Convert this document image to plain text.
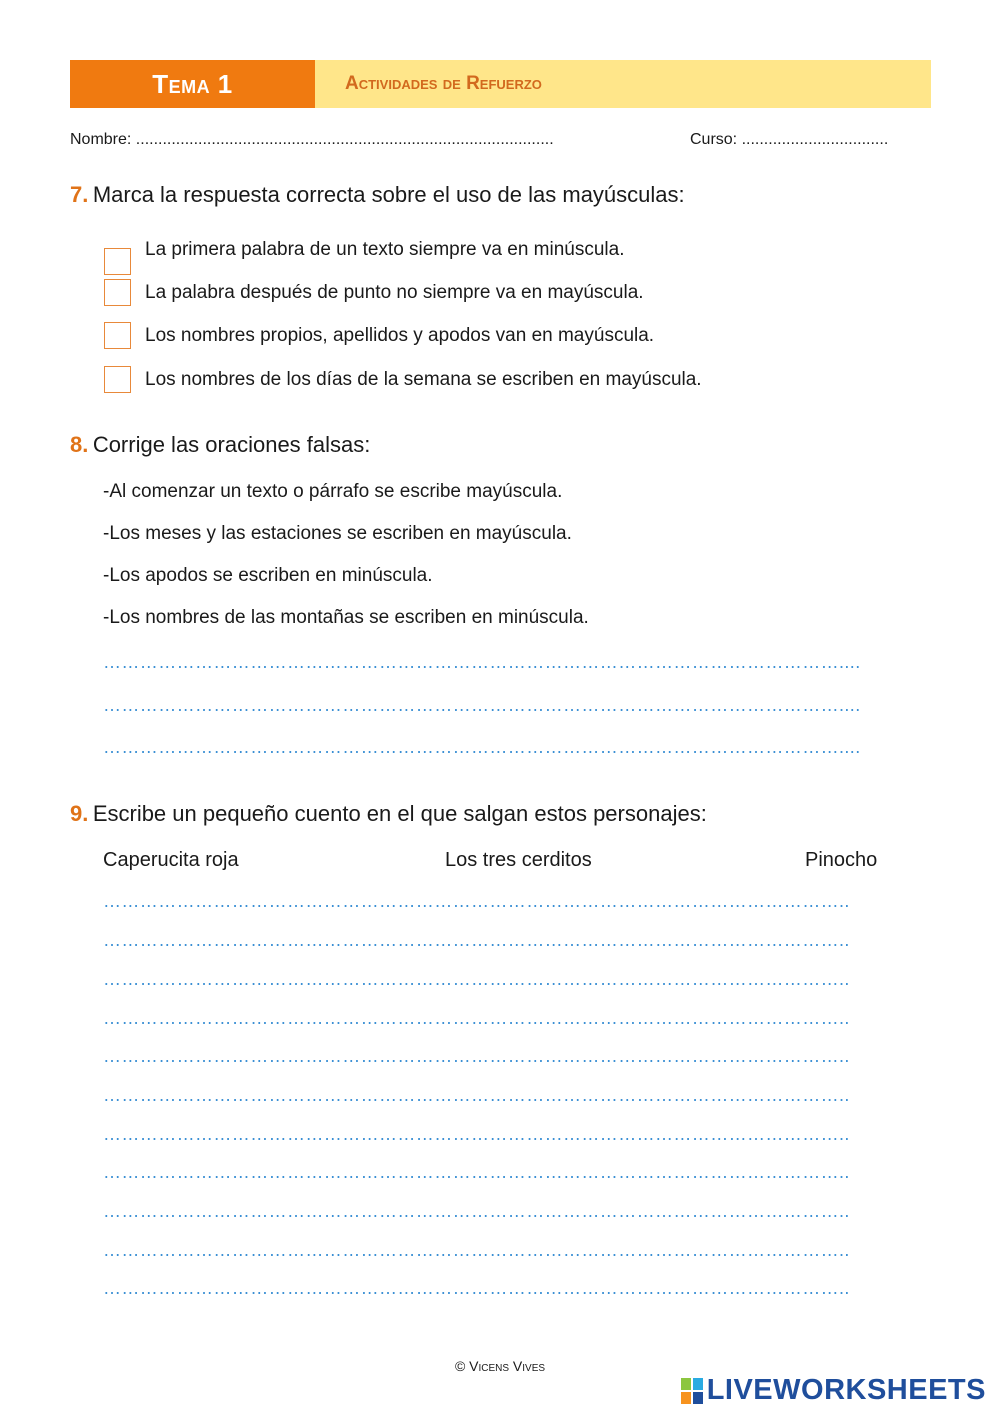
Tema 1	Actividades de Refuerzo
Nombre: ..............................................................................................	Curso: .................................
7. Marca la respuesta correcta sobre el uso de las mayúsculas:
La primera palabra de un texto siempre va en minúscula.
La palabra después de punto no siempre va en mayúscula.
Los nombres propios, apellidos y apodos van en mayúscula.
Los nombres de los días de la semana se escriben en mayúscula.
8. Corrige las oraciones falsas:
-Al comenzar un texto o párrafo se escribe mayúscula.
-Los meses y las estaciones se escriben en mayúscula.
-Los apodos se escriben en minúscula.
-Los nombres de las montañas se escriben en minúscula.
…………………………………………………………………………………………………………....
…………………………………………………………………………………………………………....
…………………………………………………………………………………………………………....
9. Escribe un pequeño cuento en el que salgan estos personajes:
Caperucita roja	Los tres cerditos	Pinocho
…………………………………………………………………………………………………………..
…………………………………………………………………………………………………………..
…………………………………………………………………………………………………………..
…………………………………………………………………………………………………………..
…………………………………………………………………………………………………………..
…………………………………………………………………………………………………………..
…………………………………………………………………………………………………………..
…………………………………………………………………………………………………………..
…………………………………………………………………………………………………………..
…………………………………………………………………………………………………………..
…………………………………………………………………………………………………………..
© Vicens Vives
LIVEWORKSHEETS
